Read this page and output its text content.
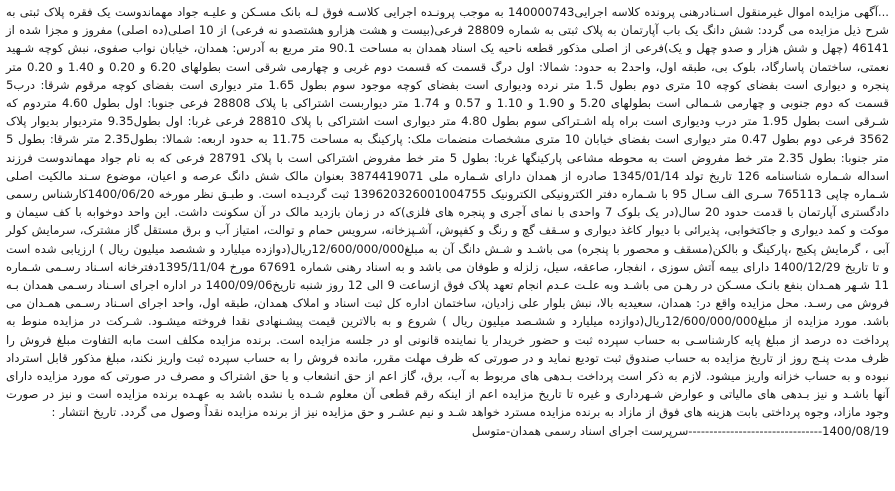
...آگهی مزایده اموال غیرمنقول اسـنادرهنی پرونده کلاسه اجرایی140000743 به موجب پرونـده اجرایی کلاسـه فوق لـه بانک مسـکن و علیـه جواد مهماندوست یک فقره پلاک ثبتی به شرح ذیل مزایده می گردد: شش دانگ یک باب آپارتمان به پلاک ثبتی به شماره 28809 فرعی(بیست و هشت هزارو هشتصدو نه فرعی) از 10 اصلی(ده اصلی) مفروز و مجزا شده از 46141 (چهل و شش هزار و صدو چهل و یک)فرعی از اصلی مذکور قطعه ناحیه یک اسناد همدان به مساحت 90.1 متر مربع به آدرس: همدان، خیابان نواب صفوی، نبش کوچه شـهید نعمتی، ساختمان پاسارگاد، بلوک بی، طبقه اول، واحد2 به حدود: شمالا: اول درگ قسمت که قسمت دوم غربی و چهارمی شرقی است بطولهای 6.20 و 0.20 و 1.40 و 0.20 متر پنجره و دیواری است بفضای کوچه 10 متری دوم بطول 1.5 متر نرده ودیواری است بفضای کوچه موجود سوم بطول 1.65 متر دیواری است بفضای کوچه مرقوم شرقا: درب5 قسمت که دوم جنوبی و چهارمی شـمالی است بطولهای 5.20 و 1.90 و 1.10 و 0.57 و 1.74 متر دیواربست اشتراکی با پلاک 28808 فرعی جنوبا: اول بطول 4.60 متردوم که شـرقی است بطول 1.95 متر درب ودیواری است براه پله اشـتراکی سوم بطول 4.80 متر دیواری است اشتراکی با پلاک 28810 فرعی غربا: اول بطول9.35 متردیوار بدیوار پلاک 3562 فرعی دوم بطول 0.47 متر دیواری است بفضای خیابان 10 متری مشخصات منضمات ملک: پارکینگ به مساحت 11.75 به حدود اربعه: شمالا: بطول2.35 متر شرقا: بطول 5 متر جنوبا: بطول 2.35 متر خط مفروض است به محوطه مشاعی پارکینگها غربا: بطول 5 متر خط مفروض اشتراکی است با پلاک 28791 فرعی که به نام جواد مهماندوست فرزند اسداله شـماره شناسنامه 126 تاریخ تولد 1345/01/14 صادره از همدان دارای شـماره ملی 3874419071 بعنوان مالک شش دانگ عرصه و اعیان، موضوع سـند مالکیت اصلی شـماره چاپی 765113 سـری الف سـال 95 با شـماره دفتر الکترونیکی الکترونیک 139620326001004755 ثبت گردیـده است. و طبـق نظر مورخه 1400/06/20کارشناس رسمی دادگستری آپارتمان با قدمت حدود 20 سال(در یک بلوک 7 واحدی با نمای آجری و پنجره های فلزی)که در زمان بازدید مالک در آن سکونت داشت. این واحد دوخوابه با کف سیمان و موکت و کمد دیواری و جاکتخوابی، پذیرائی با دیوار کاغذ دیواری و سـقف گچ و رنگ و کفپوش، آشـپزخانه، سرویس حمام و توالت، امتیاز آب و برق مستقل گاز مشترک، سرمایش کولر آبی ، گرمایش پکیج ،پارکینگ و بالکن(مسقف و محصور با پنجره) می باشـد و شـش دانگ آن به مبلغ12/600/000/000ریال(دوازده میلیارد و ششصد میلیون ریال ) ارزیابی شده است و تا تاریخ 1400/12/29 دارای بیمه آتش سوزی ، انفجار، صاعقه، سیل، زلزله و طوفان می باشد و به اسناد رهنی شماره 67691 مورخ 1395/11/04دفترخانه اسـناد رسـمی شـماره 11 شـهر همـدان بنفع بانـک مسـکن در رهـن می باشـد وبه علـت عـدم انجام تعهد پلاک فوق ازساعت 9 الی 12 روز شنبه تاریخ1400/09/06 در اداره اجرای اسـناد رسـمی همدان بـه فروش می رسـد. محل مزایده واقع در: همدان، سعیدیه بالا، نبش بلوار علی زادیان، ساختمان اداره کل ثبت اسناد و املاک همدان، طبقه اول، واحد اجرای اسـناد رسـمی همـدان می باشد. مورد مزایده از مبلغ12/600/000/000ریال(دوازده میلیارد و ششـصد میلیون ریال ) شروع و به بالاترین قیمت پیشـنهادی نقدا فروخته میشـود. شـرکت در مزایده منوط به پرداخت ده درصد از مبلغ پایه کارشناسـی به حساب سپرده ثبت و حضور خریدار یا نماینده قانونی او در جلسه مزایده است. برنده مزایده مکلف است مابه التفاوت مبلغ فروش را ظرف مدت پنـج روز از تاریخ مزایده به حساب صندوق ثبت تودیع نماید و در صورتی که ظرف مهلت مقرر، مانده فروش را به حساب سپرده ثبت واریز نکند، مبلغ مذکور قابل استرداد نبوده و به حساب خزانه واریز میشود. لازم به ذکر است پرداخت بـدهی های مربوط به آب، برق، گاز اعم از حق انشعاب و یا حق اشتراک و مصرف در صورتی که مورد مزایده دارای آنها باشـد و نیز بـدهی های مالیاتی و عوارض شـهرداری و غیره تا تاریخ مزایده اعم از اینکه رقم قطعی آن معلوم شـده یا نشده باشد به عهـده برنده مزایده است و نیز در صورت وجود مازاد، وجوه پرداختی بابت هزینه های فوق از مازاد به برنده مزایده مسترد خواهد شـد و نیم عشـر و حق مزایده نیز از برنده مزایده نقداً وصول می گردد. تاریخ انتشار :

1400/08/19--------------------------------سرپرست اجرای اسناد رسمی همدان-متوسل
